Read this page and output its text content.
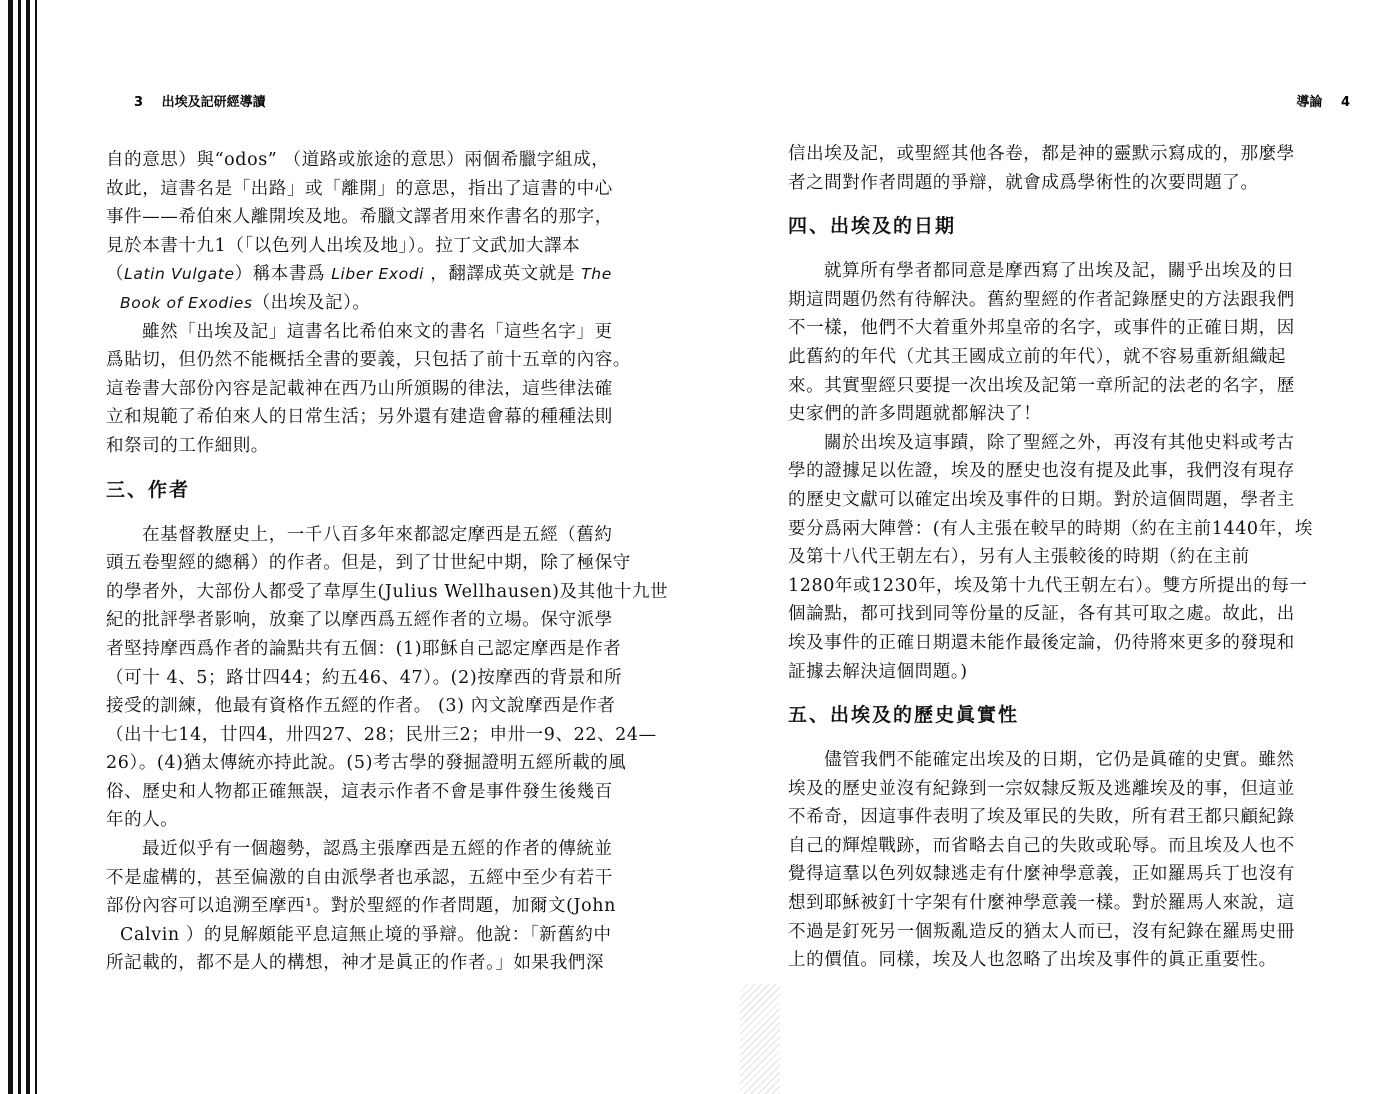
3 出埃及記研經導讀
自的意思）與“odos” （道路或旅途的意思）兩個希臘字組成，
故此，這書名是「出路」或「離開」的意思，指出了這書的中心
事件——希伯來人離開埃及地。希臘文譯者用來作書名的那字，
見於本書十九1（「以色列人出埃及地」）。拉丁文武加大譯本
（Latin Vulgate）稱本書爲 Liber Exodi ，翻譯成英文就是 The
Book of Exodies（出埃及記）。
雖然「出埃及記」這書名比希伯來文的書名「這些名字」更
爲貼切，但仍然不能概括全書的要義，只包括了前十五章的內容。
這卷書大部份內容是記載神在西乃山所頒賜的律法，這些律法確
立和規範了希伯來人的日常生活；另外還有建造會幕的種種法則
和祭司的工作細則。
三、作者
在基督教歷史上，一千八百多年來都認定摩西是五經（舊約
頭五卷聖經的總稱）的作者。但是，到了廿世紀中期，除了極保守
的學者外，大部份人都受了韋厚生(Julius Wellhausen)及其他十九世
紀的批評學者影响，放棄了以摩西爲五經作者的立場。保守派學
者堅持摩西爲作者的論點共有五個：(1)耶穌自己認定摩西是作者
（可十 4、5；路廿四44；約五46、47）。(2)按摩西的背景和所
接受的訓練，他最有資格作五經的作者。 (3) 內文說摩西是作者
（出十七14，廿四4，卅四27、28；民卅三2；申卅一9、22、24—
26）。(4)猶太傳統亦持此說。(5)考古學的發掘證明五經所載的風
俗、歷史和人物都正確無誤，這表示作者不會是事件發生後幾百
年的人。
最近似乎有一個趨勢，認爲主張摩西是五經的作者的傳統並
不是虛構的，甚至偏激的自由派學者也承認，五經中至少有若干
部份內容可以追溯至摩西¹。對於聖經的作者問題，加爾文(John
Calvin ）的見解頗能平息這無止境的爭辯。他說：「新舊約中
所記載的，都不是人的構想，神才是眞正的作者。」如果我們深
導論 4
信出埃及記，或聖經其他各卷，都是神的靈默示寫成的，那麼學
者之間對作者問題的爭辯，就會成爲學術性的次要問題了。
四、出埃及的日期
就算所有學者都同意是摩西寫了出埃及記，關乎出埃及的日
期這問題仍然有待解決。舊約聖經的作者記錄歷史的方法跟我們
不一樣，他們不大着重外邦皇帝的名字，或事件的正確日期，因
此舊約的年代（尤其王國成立前的年代），就不容易重新組織起
來。其實聖經只要提一次出埃及記第一章所記的法老的名字，歷
史家們的許多問題就都解決了！
關於出埃及這事蹟，除了聖經之外，再沒有其他史料或考古
學的證據足以佐證，埃及的歷史也沒有提及此事，我們沒有現存
的歷史文獻可以確定出埃及事件的日期。對於這個問題，學者主
要分爲兩大陣營：(有人主張在較早的時期（約在主前1440年，埃
及第十八代王朝左右），另有人主張較後的時期（約在主前
1280年或1230年，埃及第十九代王朝左右）。雙方所提出的每一
個論點，都可找到同等份量的反証，各有其可取之處。故此，出
埃及事件的正確日期還未能作最後定論，仍待將來更多的發現和
証據去解決這個問題。)
五、出埃及的歷史眞實性
儘管我們不能確定出埃及的日期，它仍是眞確的史實。雖然
埃及的歷史並沒有紀錄到一宗奴隸反叛及逃離埃及的事，但這並
不希奇，因這事件表明了埃及軍民的失敗，所有君王都只顧紀錄
自己的輝煌戰跡，而省略去自己的失敗或恥辱。而且埃及人也不
覺得這羣以色列奴隸逃走有什麼神學意義，正如羅馬兵丁也沒有
想到耶穌被釘十字架有什麼神學意義一樣。對於羅馬人來說，這
不過是釘死另一個叛亂造反的猶太人而已，沒有紀錄在羅馬史冊
上的價值。同樣，埃及人也忽略了出埃及事件的眞正重要性。
